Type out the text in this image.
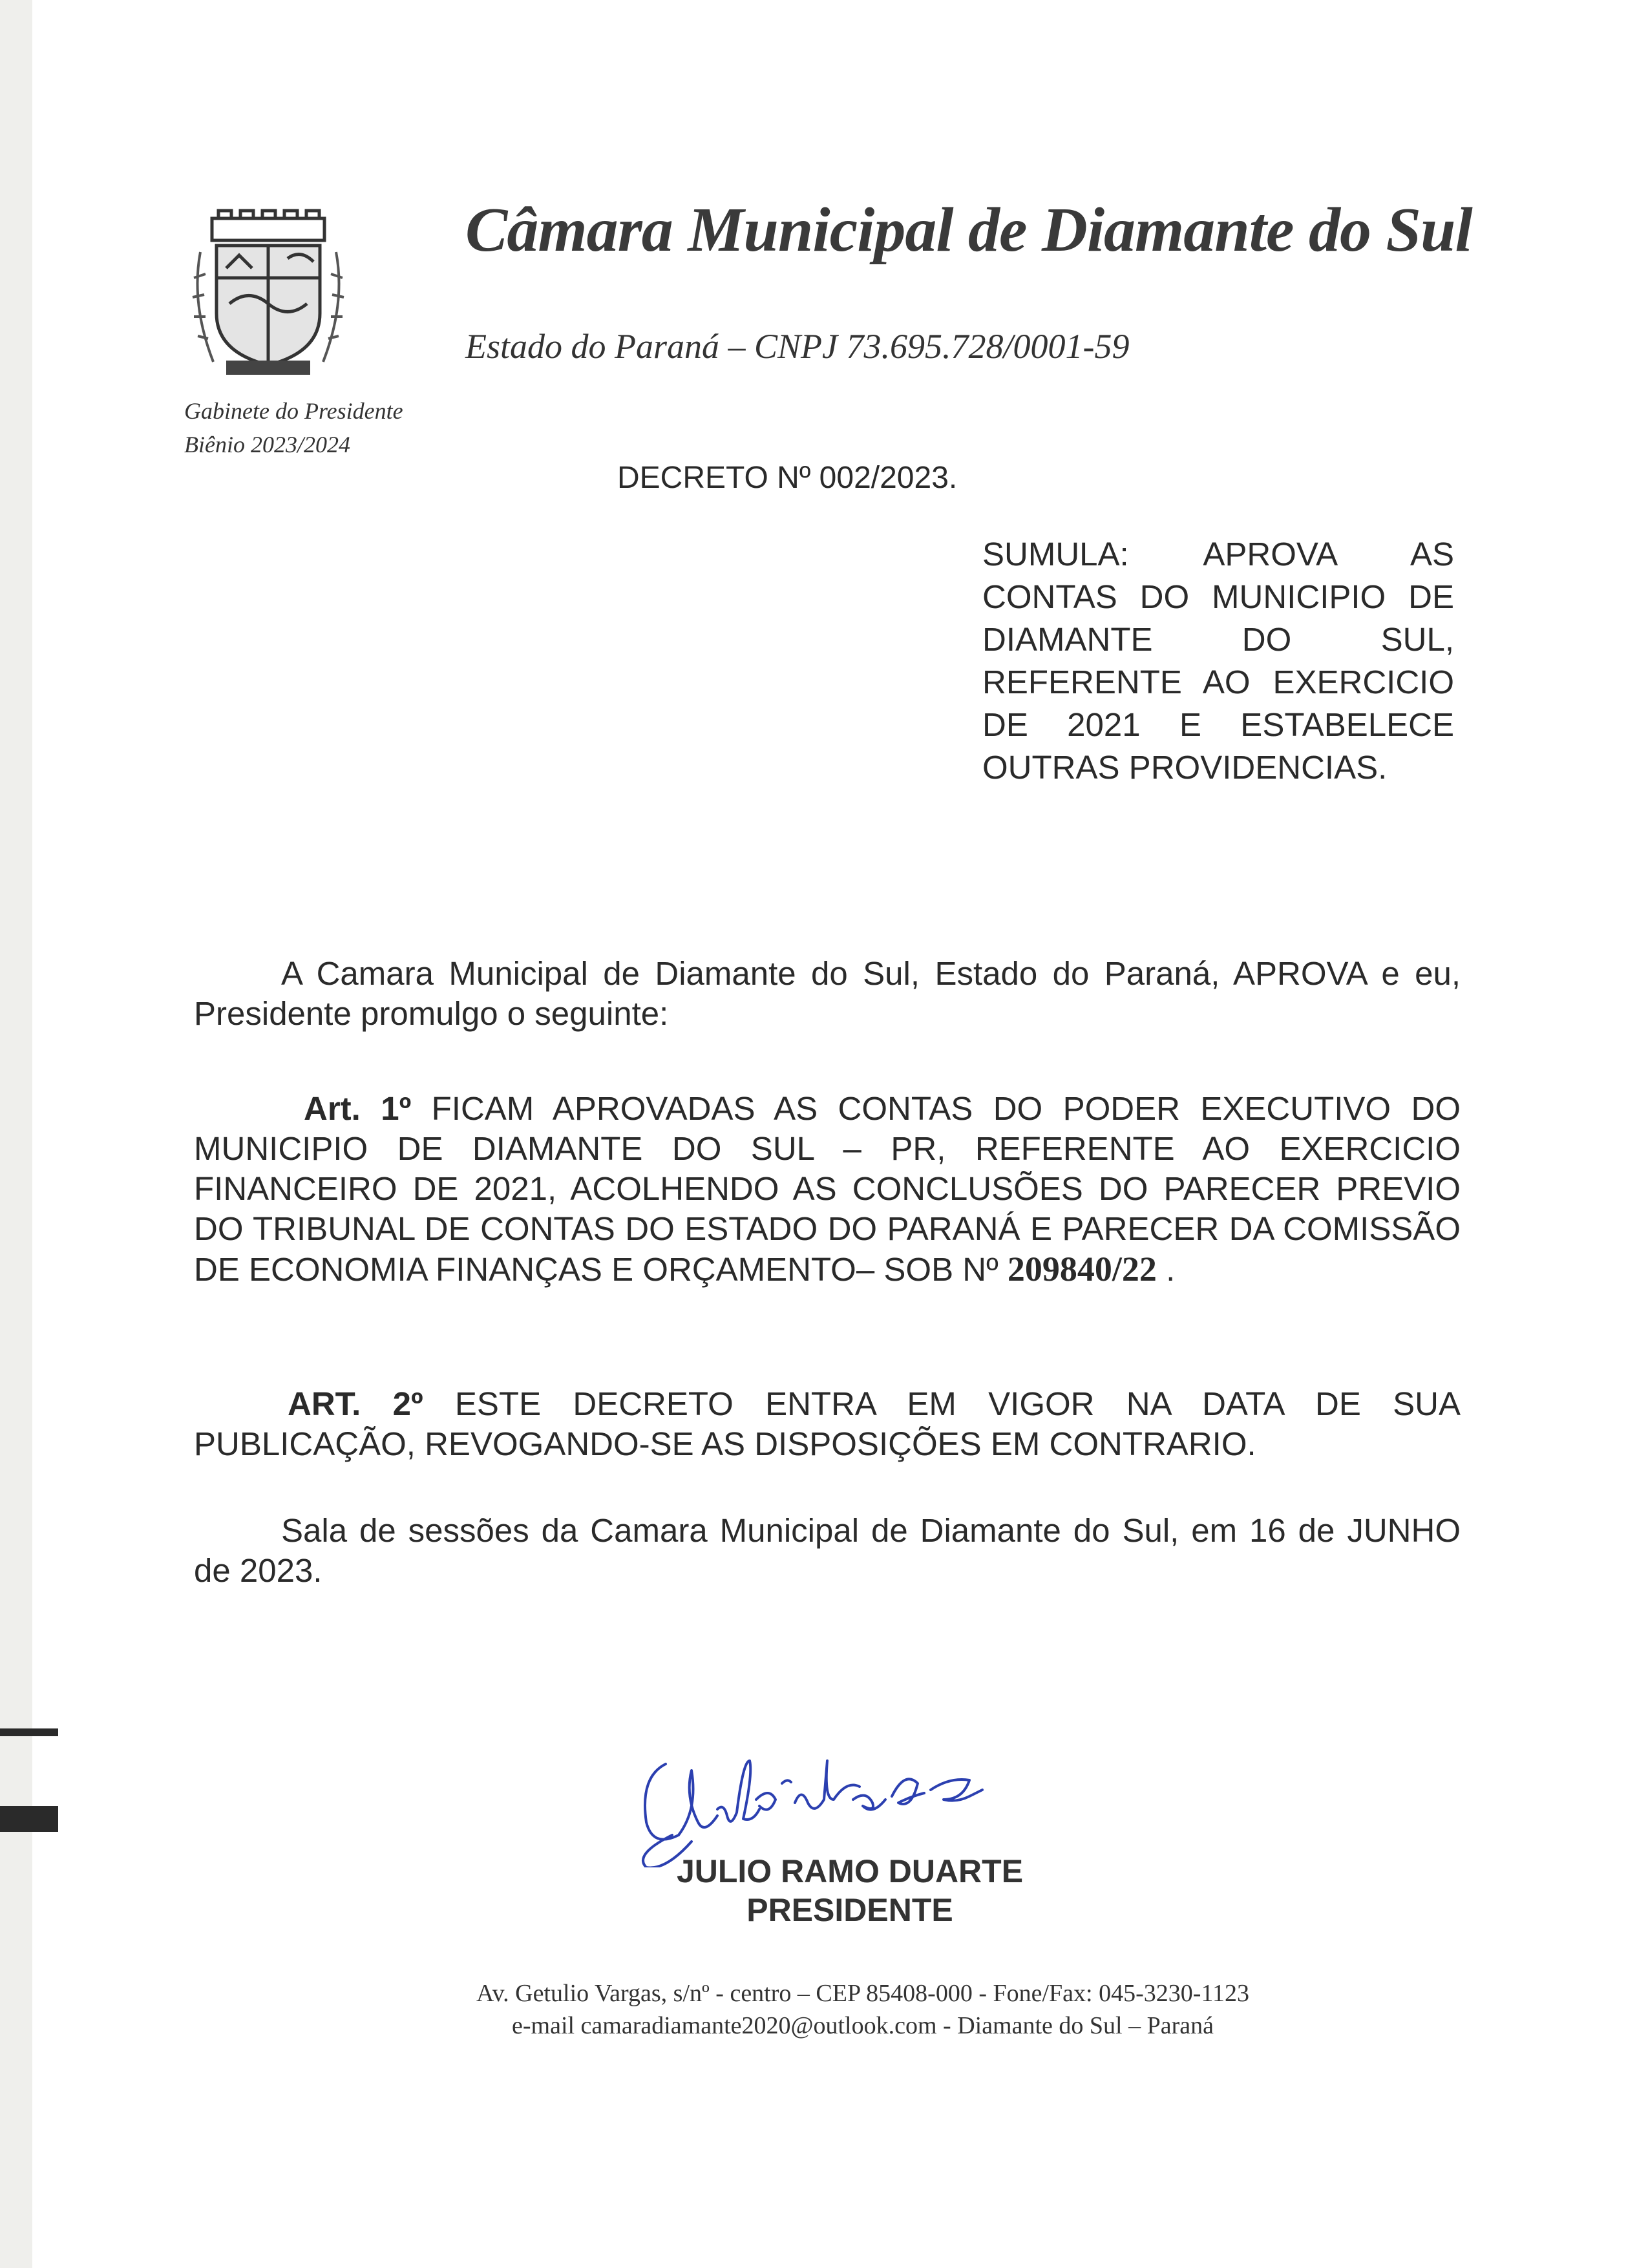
Câmara Municipal de Diamante do Sul
Estado do Paraná – CNPJ 73.695.728/0001-59
Gabinete do Presidente
Biênio 2023/2024
DECRETO Nº 002/2023.
SUMULA: APROVA AS CONTAS DO MUNICIPIO DE DIAMANTE DO SUL, REFERENTE AO EXERCICIO DE 2021 E ESTABELECE OUTRAS PROVIDENCIAS.
A Camara Municipal de Diamante do Sul, Estado do Paraná, APROVA e eu, Presidente promulgo o seguinte:
Art. 1º FICAM APROVADAS AS CONTAS DO PODER EXECUTIVO DO MUNICIPIO DE DIAMANTE DO SUL – PR, REFERENTE AO EXERCICIO FINANCEIRO DE 2021, ACOLHENDO AS CONCLUSÕES DO PARECER PREVIO DO TRIBUNAL DE CONTAS DO ESTADO DO PARANÁ E PARECER DA COMISSÃO DE ECONOMIA FINANÇAS E ORÇAMENTO– SOB Nº 209840/22 .
ART. 2º ESTE DECRETO ENTRA EM VIGOR NA DATA DE SUA PUBLICAÇÃO, REVOGANDO-SE AS DISPOSIÇÕES EM CONTRARIO.
Sala de sessões da Camara Municipal de Diamante do Sul, em 16 de JUNHO de 2023.
JULIO RAMO DUARTE
PRESIDENTE
Av. Getulio Vargas, s/nº - centro – CEP 85408-000 - Fone/Fax: 045-3230-1123
e-mail camaradiamante2020@outlook.com - Diamante do Sul – Paraná
